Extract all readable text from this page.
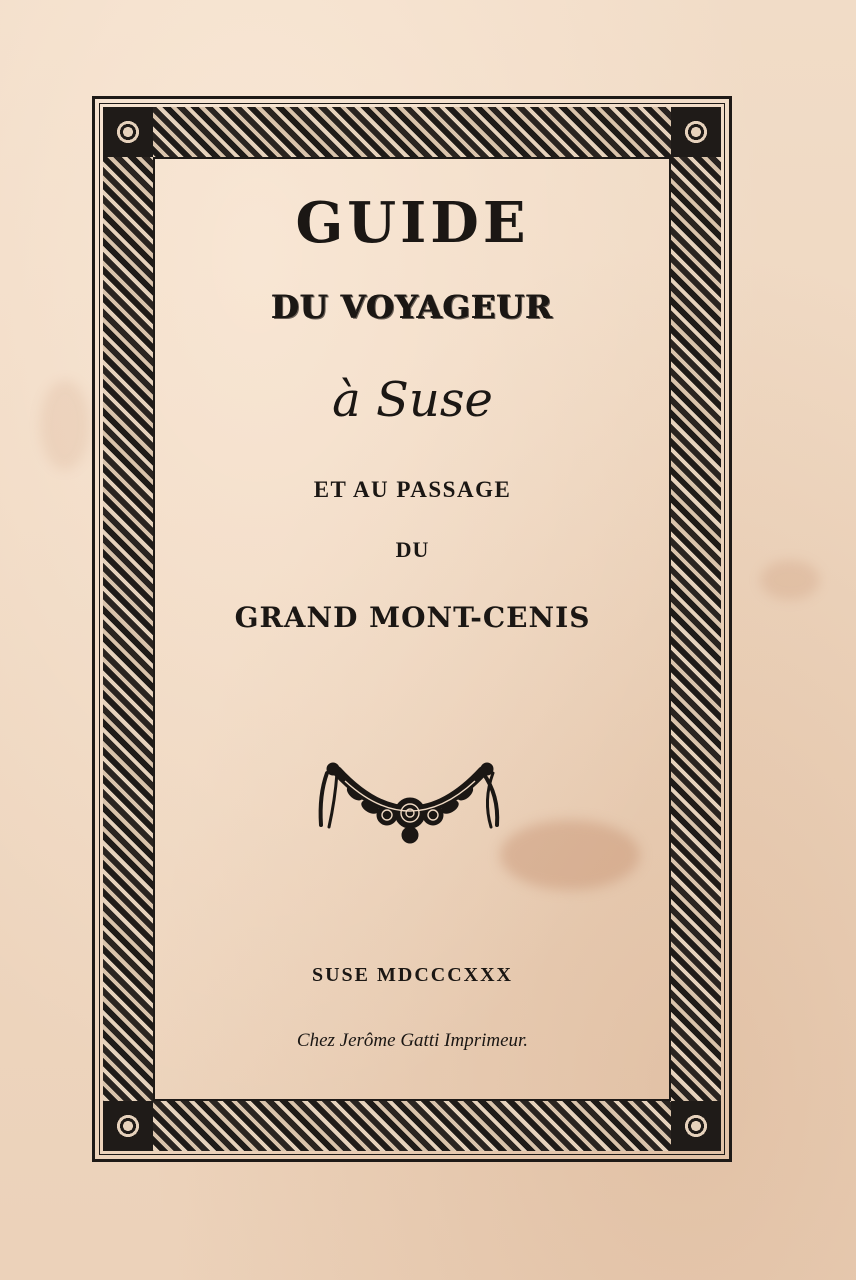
GUIDE
DU VOYAGEUR
à Suse
ET AU PASSAGE
DU
GRAND MONT-CENIS
SUSE MDCCCXXX
Chez Jerôme Gatti Imprimeur.
